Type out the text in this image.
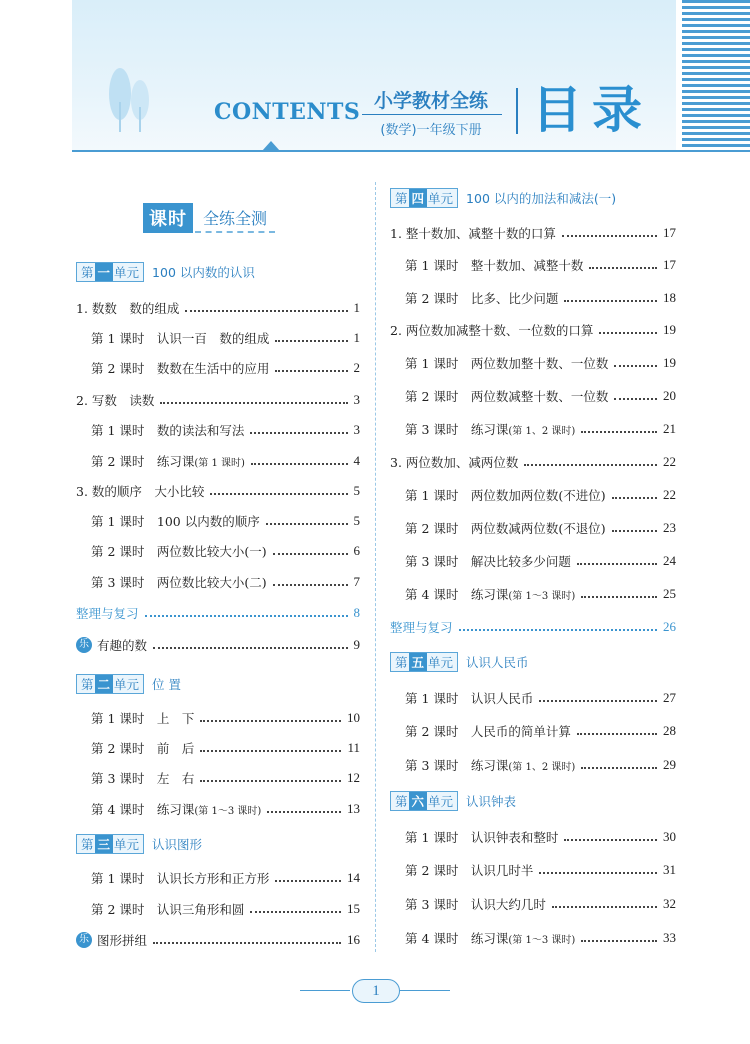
CONTENTS 小学教材全练
(数学)一年级下册	目录
课时	全练全测
第 一 单元 100 以内数的认识
1. 数数　数的组成	1
第 1 课时　认识一百　数的组成	1
第 2 课时　数数在生活中的应用	2
2. 写数　读数	3
第 1 课时　数的读法和写法	3
第 2 课时　练习课(第 1 课时)	4
3. 数的顺序　大小比较	5
第 1 课时　100 以内数的顺序	5
第 2 课时　两位数比较大小(一)	6
第 3 课时　两位数比较大小(二)	7
整理与复习	8
乐 有趣的数	9
第 二 单元 位 置
第 1 课时　上　下	10
第 2 课时　前　后	11
第 3 课时　左　右	12
第 4 课时　练习课(第 1～3 课时)	13
第 三 单元 认识图形
第 1 课时　认识长方形和正方形	14
第 2 课时　认识三角形和圆	15
乐 图形拼组	16
第 四 单元 100 以内的加法和减法(一)
1. 整十数加、减整十数的口算	17
第 1 课时　整十数加、减整十数	17
第 2 课时　比多、比少问题	18
2. 两位数加减整十数、一位数的口算	19
第 1 课时　两位数加整十数、一位数	19
第 2 课时　两位数减整十数、一位数	20
第 3 课时　练习课(第 1、2 课时)	21
3. 两位数加、减两位数	22
第 1 课时　两位数加两位数(不进位)	22
第 2 课时　两位数减两位数(不退位)	23
第 3 课时　解决比较多少问题	24
第 4 课时　练习课(第 1～3 课时)	25
整理与复习	26
第 五 单元 认识人民币
第 1 课时　认识人民币	27
第 2 课时　人民币的简单计算	28
第 3 课时　练习课(第 1、2 课时)	29
第 六 单元 认识钟表
第 1 课时　认识钟表和整时	30
第 2 课时　认识几时半	31
第 3 课时　认识大约几时	32
第 4 课时　练习课(第 1～3 课时)	33
1
